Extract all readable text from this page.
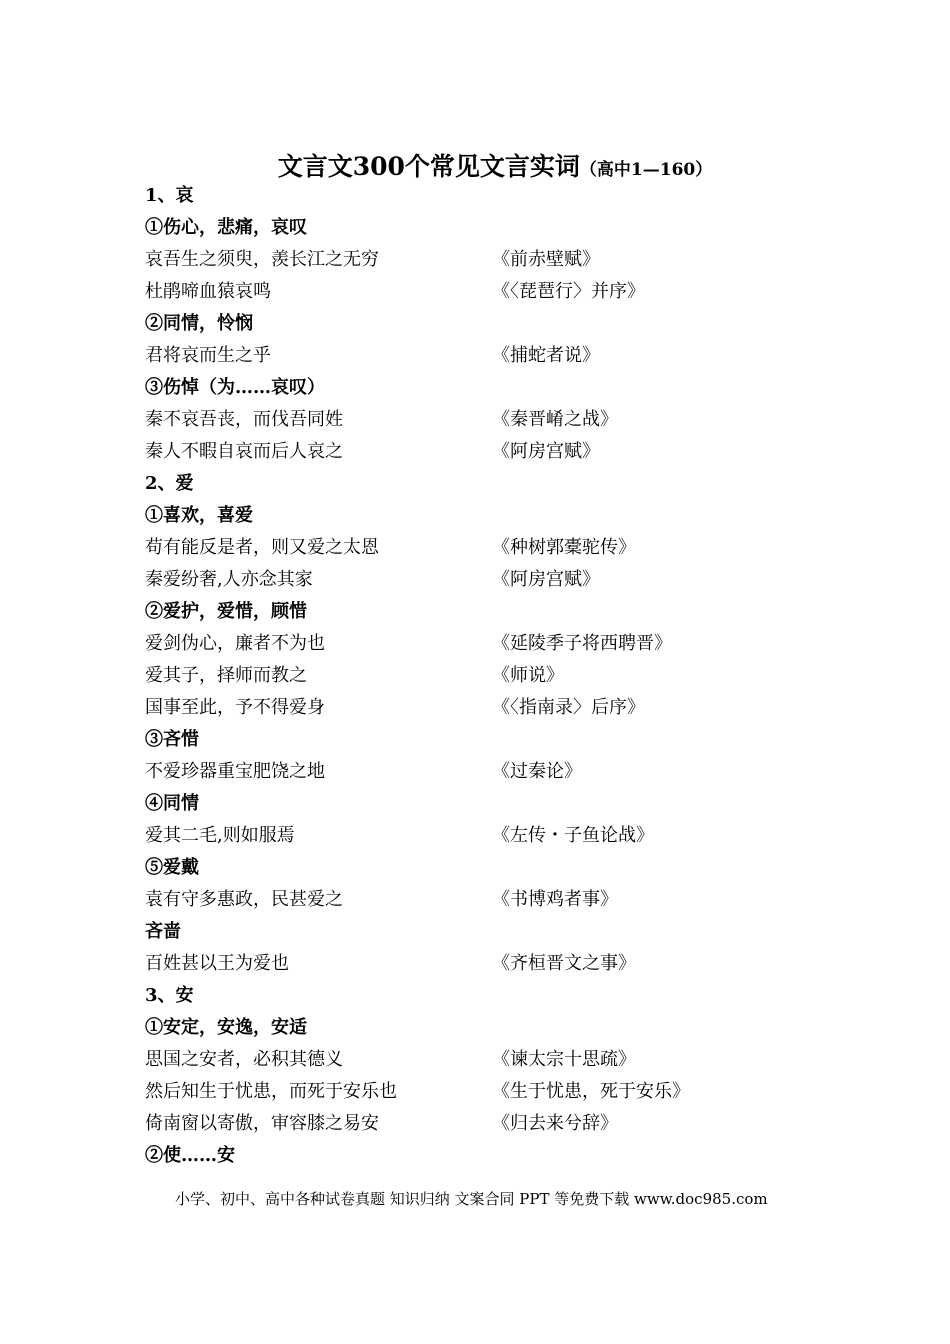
文言文300个常见文言实词（高中1—160）
1、哀
①伤心，悲痛，哀叹
哀吾生之须臾，羡长江之无穷	《前赤壁赋》
杜鹃啼血猿哀鸣	《〈琵琶行〉并序》
②同情，怜悯
君将哀而生之乎	《捕蛇者说》
③伤悼（为……哀叹）
秦不哀吾丧，而伐吾同姓	《秦晋崤之战》
秦人不暇自哀而后人哀之	《阿房宫赋》
2、爱
①喜欢，喜爱
苟有能反是者，则又爱之太恩	《种树郭橐驼传》
秦爱纷奢,人亦念其家	《阿房宫赋》
②爱护，爱惜，顾惜
爱剑伪心，廉者不为也	《延陵季子将西聘晋》
爱其子，择师而教之	《师说》
国事至此，予不得爱身	《〈指南录〉后序》
③吝惜
不爱珍器重宝肥饶之地	《过秦论》
④同情
爱其二毛,则如服焉	《左传・子鱼论战》
⑤爱戴
袁有守多惠政，民甚爱之	《书博鸡者事》
吝啬
百姓甚以王为爱也	《齐桓晋文之事》
3、安
①安定，安逸，安适
思国之安者，必积其德义	《谏太宗十思疏》
然后知生于忧患，而死于安乐也	《生于忧患，死于安乐》
倚南窗以寄傲，审容膝之易安	《归去来兮辞》
②使……安
小学、初中、高中各种试卷真题 知识归纳 文案合同 PPT 等免费下载 www.doc985.com
